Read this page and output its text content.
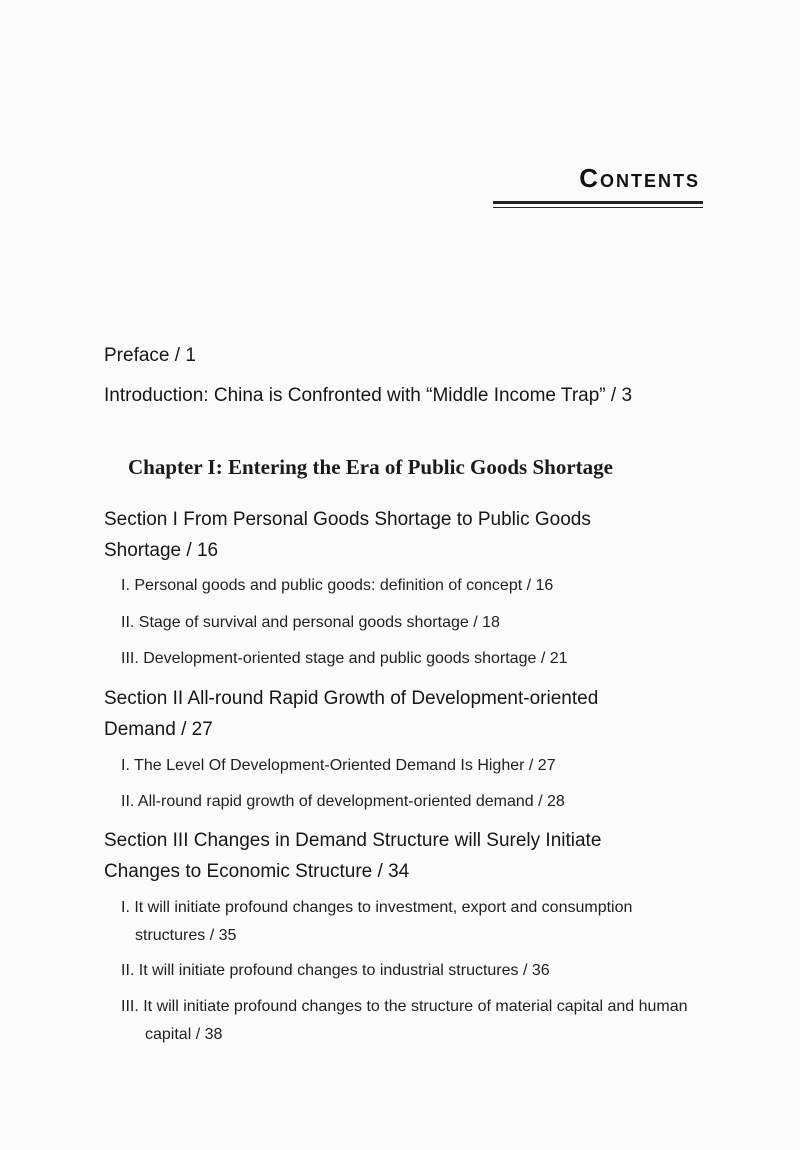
Contents
Preface / 1
Introduction: China is Confronted with “Middle Income Trap” / 3
Chapter I: Entering the Era of Public Goods Shortage
Section I From Personal Goods Shortage to Public Goods Shortage / 16
I. Personal goods and public goods: definition of concept / 16
II. Stage of survival and personal goods shortage / 18
III. Development-oriented stage and public goods shortage / 21
Section II All-round Rapid Growth of Development-oriented Demand / 27
I. The Level Of Development-Oriented Demand Is Higher / 27
II. All-round rapid growth of development-oriented demand / 28
Section III Changes in Demand Structure will Surely Initiate Changes to Economic Structure / 34
I. It will initiate profound changes to investment, export and consumption structures / 35
II. It will initiate profound changes to industrial structures / 36
III. It will initiate profound changes to the structure of material capital and human capital / 38
